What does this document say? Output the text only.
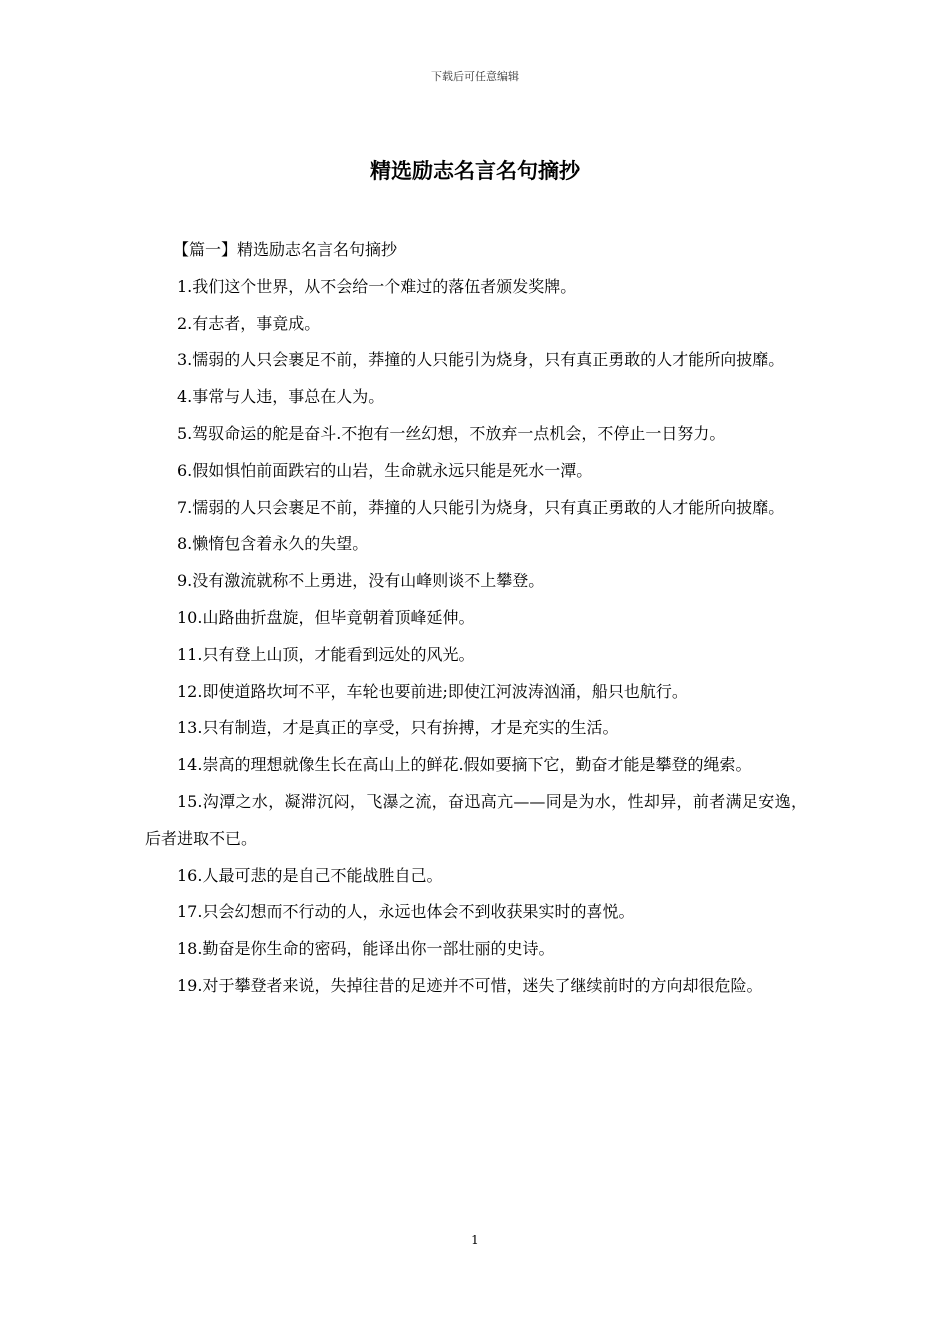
下载后可任意编辑
精选励志名言名句摘抄

【篇一】精选励志名言名句摘抄

1.我们这个世界，从不会给一个难过的落伍者颁发奖牌。

2.有志者，事竟成。

3.懦弱的人只会裹足不前，莽撞的人只能引为烧身，只有真正勇敢的人才能所向披靡。

4.事常与人违，事总在人为。

5.驾驭命运的舵是奋斗.不抱有一丝幻想，不放弃一点机会，不停止一日努力。

6.假如惧怕前面跌宕的山岩，生命就永远只能是死水一潭。

7.懦弱的人只会裹足不前，莽撞的人只能引为烧身，只有真正勇敢的人才能所向披靡。

8.懒惰包含着永久的失望。

9.没有激流就称不上勇进，没有山峰则谈不上攀登。

10.山路曲折盘旋，但毕竟朝着顶峰延伸。

11.只有登上山顶，才能看到远处的风光。

12.即使道路坎坷不平，车轮也要前进;即使江河波涛汹涌，船只也航行。

13.只有制造，才是真正的享受，只有拚搏，才是充实的生活。

14.崇高的理想就像生长在高山上的鲜花.假如要摘下它，勤奋才能是攀登的绳索。

15.沟潭之水，凝滞沉闷，飞瀑之流，奋迅高亢——同是为水，性却异，前者满足安逸，后者进取不已。

16.人最可悲的是自己不能战胜自己。

17.只会幻想而不行动的人，永远也体会不到收获果实时的喜悦。

18.勤奋是你生命的密码，能译出你一部壮丽的史诗。

19.对于攀登者来说，失掉往昔的足迹并不可惜，迷失了继续前时的方向却很危险。

1
